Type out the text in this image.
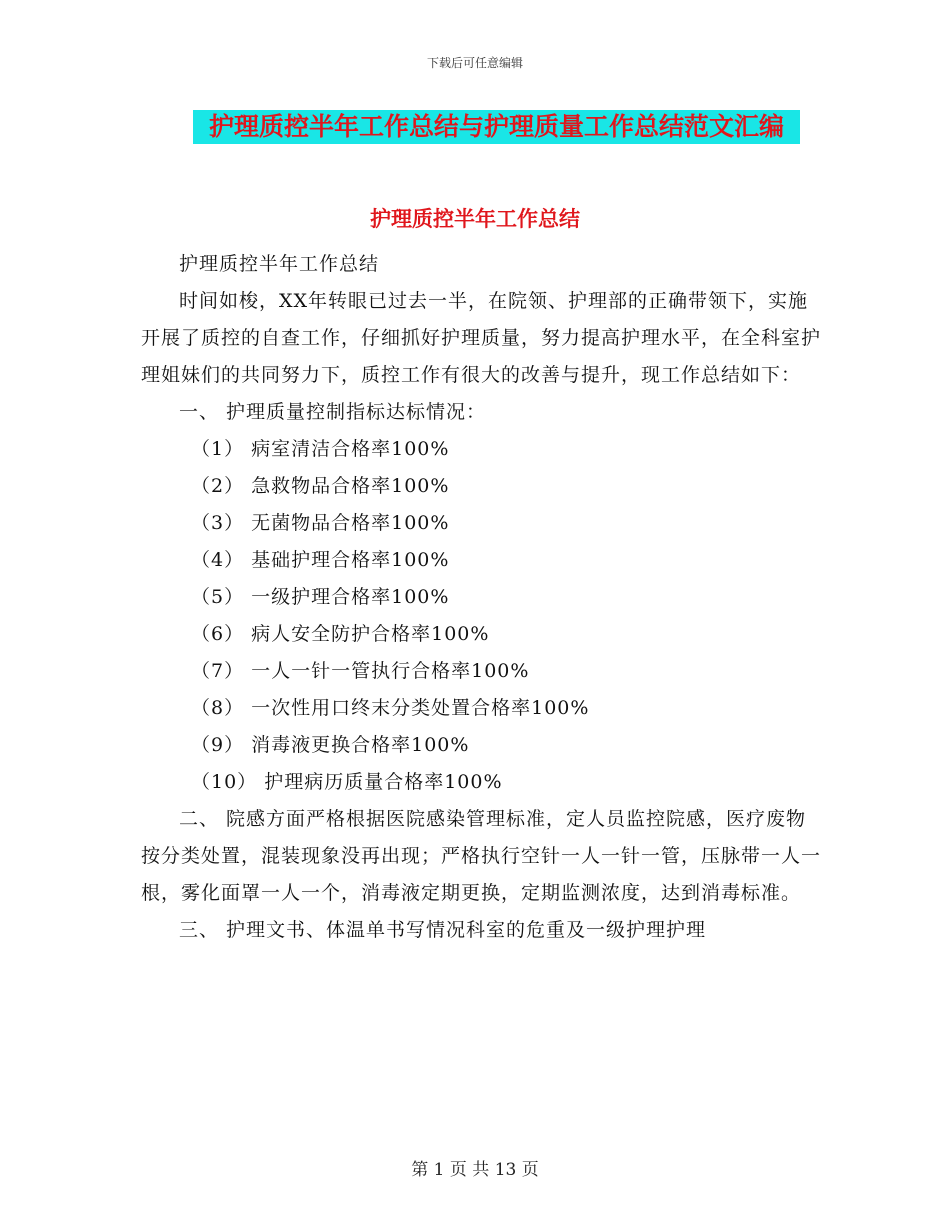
下载后可任意编辑
护理质控半年工作总结与护理质量工作总结范文汇编
护理质控半年工作总结

护理质控半年工作总结

时间如梭，XX年转眼已过去一半，在院领、护理部的正确带领下，实施开展了质控的自查工作，仔细抓好护理质量，努力提高护理水平，在全科室护理姐妹们的共同努力下，质控工作有很大的改善与提升，现工作总结如下：

一、 护理质量控制指标达标情况：

（1） 病室清洁合格率100%

（2） 急救物品合格率100%

（3） 无菌物品合格率100%

（4） 基础护理合格率100%

（5） 一级护理合格率100%

（6） 病人安全防护合格率100%

（7） 一人一针一管执行合格率100%

（8） 一次性用口终末分类处置合格率100%

（9） 消毒液更换合格率100%

（10） 护理病历质量合格率100%

二、 院感方面严格根据医院感染管理标准，定人员监控院感，医疗废物按分类处置，混装现象没再出现；严格执行空针一人一针一管，压脉带一人一根，雾化面罩一人一个，消毒液定期更换，定期监测浓度，达到消毒标准。

三、 护理文书、体温单书写情况科室的危重及一级护理护理

第 1 页 共 13 页
